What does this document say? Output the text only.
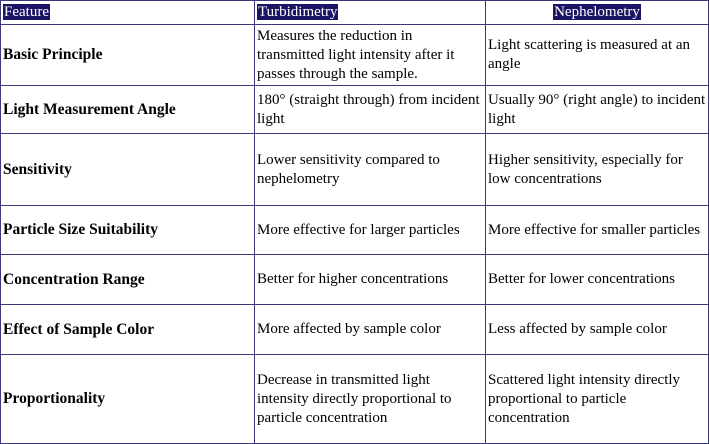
Feature	Turbidimetry	Nephelometry
Basic Principle	Measures the reduction in transmitted light intensity after it passes through the sample.	Light scattering is measured at an angle
Light Measurement Angle	180° (straight through) from incident light	Usually 90° (right angle) to incident light
Sensitivity	Lower sensitivity compared to nephelometry	Higher sensitivity, especially for low concentrations
Particle Size Suitability	More effective for larger particles	More effective for smaller particles
Concentration Range	Better for higher concentrations	Better for lower concentrations
Effect of Sample Color	More affected by sample color	Less affected by sample color
Proportionality	Decrease in transmitted light intensity directly proportional to particle concentration	Scattered light intensity directly proportional to particle concentration
